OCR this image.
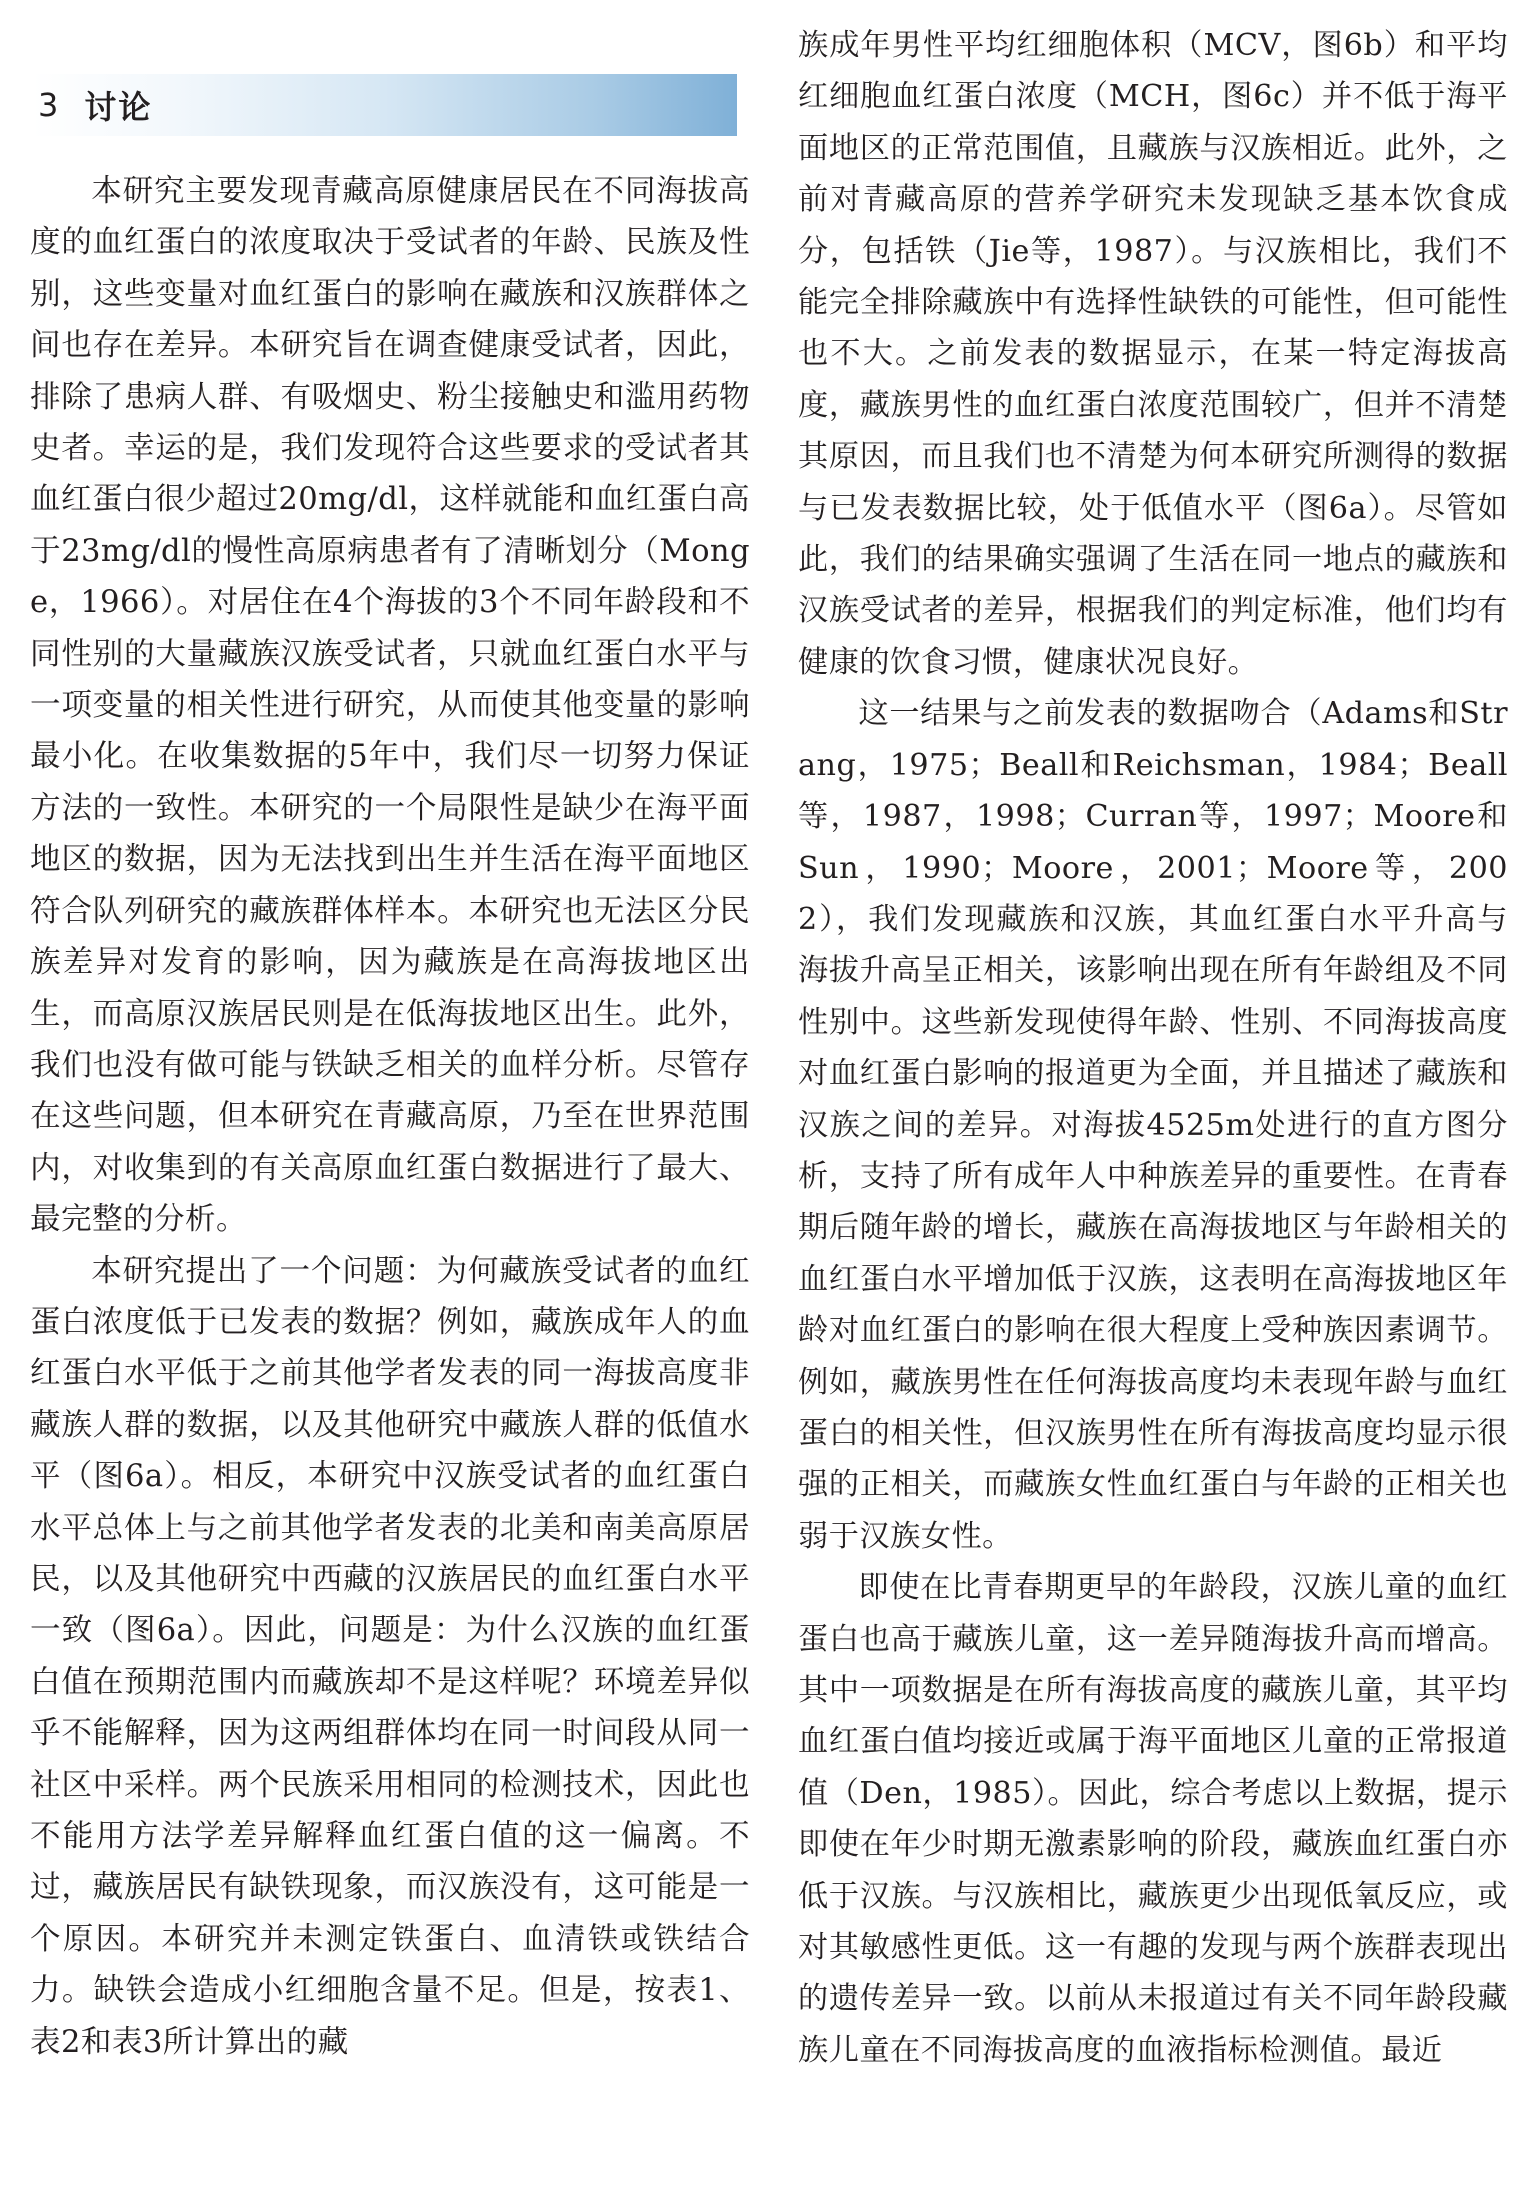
3 讨论

本研究主要发现青藏高原健康居民在不同海拔高度的血红蛋白的浓度取决于受试者的年龄、民族及性别，这些变量对血红蛋白的影响在藏族和汉族群体之间也存在差异。本研究旨在调查健康受试者，因此，排除了患病人群、有吸烟史、粉尘接触史和滥用药物史者。幸运的是，我们发现符合这些要求的受试者其血红蛋白很少超过20mg/dl，这样就能和血红蛋白高于23mg/dl的慢性高原病患者有了清晰划分（Monge，1966）。对居住在4个海拔的3个不同年龄段和不同性别的大量藏族汉族受试者，只就血红蛋白水平与一项变量的相关性进行研究，从而使其他变量的影响最小化。在收集数据的5年中，我们尽一切努力保证方法的一致性。本研究的一个局限性是缺少在海平面地区的数据，因为无法找到出生并生活在海平面地区符合队列研究的藏族群体样本。本研究也无法区分民族差异对发育的影响，因为藏族是在高海拔地区出生，而高原汉族居民则是在低海拔地区出生。此外，我们也没有做可能与铁缺乏相关的血样分析。尽管存在这些问题，但本研究在青藏高原，乃至在世界范围内，对收集到的有关高原血红蛋白数据进行了最大、最完整的分析。

本研究提出了一个问题：为何藏族受试者的血红蛋白浓度低于已发表的数据？例如，藏族成年人的血红蛋白水平低于之前其他学者发表的同一海拔高度非藏族人群的数据，以及其他研究中藏族人群的低值水平（图6a）。相反，本研究中汉族受试者的血红蛋白水平总体上与之前其他学者发表的北美和南美高原居民，以及其他研究中西藏的汉族居民的血红蛋白水平一致（图6a）。因此，问题是：为什么汉族的血红蛋白值在预期范围内而藏族却不是这样呢？环境差异似乎不能解释，因为这两组群体均在同一时间段从同一社区中采样。两个民族采用相同的检测技术，因此也不能用方法学差异解释血红蛋白值的这一偏离。不过，藏族居民有缺铁现象，而汉族没有，这可能是一个原因。本研究并未测定铁蛋白、血清铁或铁结合力。缺铁会造成小红细胞含量不足。但是，按表1、表2和表3所计算出的藏

族成年男性平均红细胞体积（MCV，图6b）和平均红细胞血红蛋白浓度（MCH，图6c）并不低于海平面地区的正常范围值，且藏族与汉族相近。此外，之前对青藏高原的营养学研究未发现缺乏基本饮食成分，包括铁（Jie等，1987）。与汉族相比，我们不能完全排除藏族中有选择性缺铁的可能性，但可能性也不大。之前发表的数据显示，在某一特定海拔高度，藏族男性的血红蛋白浓度范围较广，但并不清楚其原因，而且我们也不清楚为何本研究所测得的数据与已发表数据比较，处于低值水平（图6a）。尽管如此，我们的结果确实强调了生活在同一地点的藏族和汉族受试者的差异，根据我们的判定标准，他们均有健康的饮食习惯，健康状况良好。

这一结果与之前发表的数据吻合（Adams和Strang，1975；Beall和Reichsman，1984；Beall等，1987，1998；Curran等，1997；Moore和Sun，1990；Moore，2001；Moore等，2002），我们发现藏族和汉族，其血红蛋白水平升高与海拔升高呈正相关，该影响出现在所有年龄组及不同性别中。这些新发现使得年龄、性别、不同海拔高度对血红蛋白影响的报道更为全面，并且描述了藏族和汉族之间的差异。对海拔4525m处进行的直方图分析，支持了所有成年人中种族差异的重要性。在青春期后随年龄的增长，藏族在高海拔地区与年龄相关的血红蛋白水平增加低于汉族，这表明在高海拔地区年龄对血红蛋白的影响在很大程度上受种族因素调节。例如，藏族男性在任何海拔高度均未表现年龄与血红蛋白的相关性，但汉族男性在所有海拔高度均显示很强的正相关，而藏族女性血红蛋白与年龄的正相关也弱于汉族女性。

即使在比青春期更早的年龄段，汉族儿童的血红蛋白也高于藏族儿童，这一差异随海拔升高而增高。其中一项数据是在所有海拔高度的藏族儿童，其平均血红蛋白值均接近或属于海平面地区儿童的正常报道值（Den，1985）。因此，综合考虑以上数据，提示即使在年少时期无激素影响的阶段，藏族血红蛋白亦低于汉族。与汉族相比，藏族更少出现低氧反应，或对其敏感性更低。这一有趣的发现与两个族群表现出的遗传差异一致。以前从未报道过有关不同年龄段藏族儿童在不同海拔高度的血液指标检测值。最近
